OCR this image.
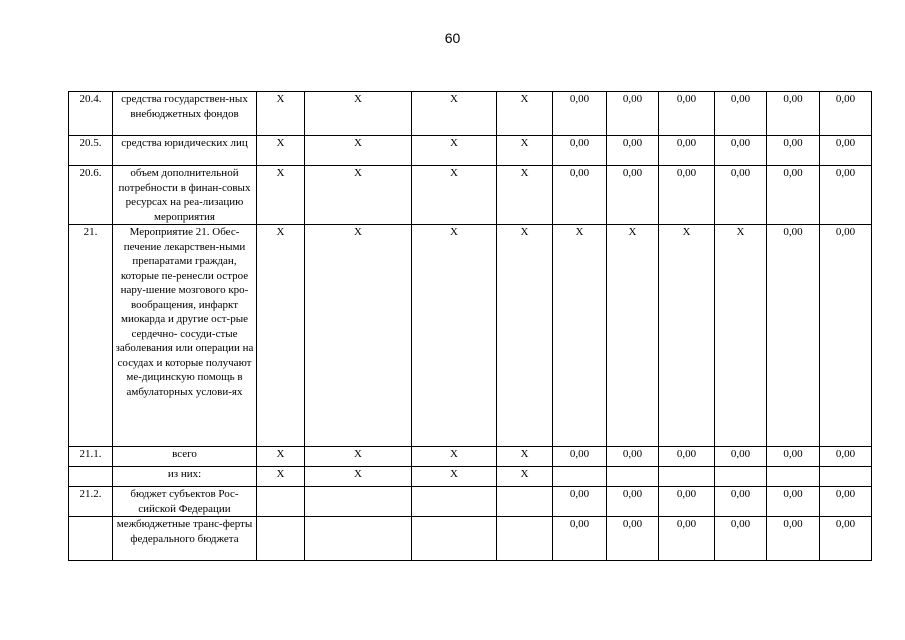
60
20.4.	средства государствен-ных внебюджетных фондов	X	X	X	X	0,00	0,00	0,00	0,00	0,00	0,00
20.5.	средства юридических лиц	X	X	X	X	0,00	0,00	0,00	0,00	0,00	0,00
20.6.	объем дополнительной потребности в финан-совых ресурсах на реа-лизацию мероприятия	X	X	X	X	0,00	0,00	0,00	0,00	0,00	0,00
21.	Мероприятие 21. Обес-печение лекарствен-ными препаратами граждан, которые пе-ренесли острое нару-шение мозгового кро-вообращения, инфаркт миокарда и другие ост-рые сердечно- сосуди-стые заболевания или операции на сосудах и которые получают ме-дицинскую помощь в амбулаторных услови-ях	X	X	X	X	X	X	X	X	0,00	0,00
21.1.	всего	X	X	X	X	0,00	0,00	0,00	0,00	0,00	0,00
	из них:	X	X	X	X						
21.2.	бюджет субъектов Рос-сийской Федерации					0,00	0,00	0,00	0,00	0,00	0,00
	межбюджетные транс-ферты федерального бюджета					0,00	0,00	0,00	0,00	0,00	0,00
